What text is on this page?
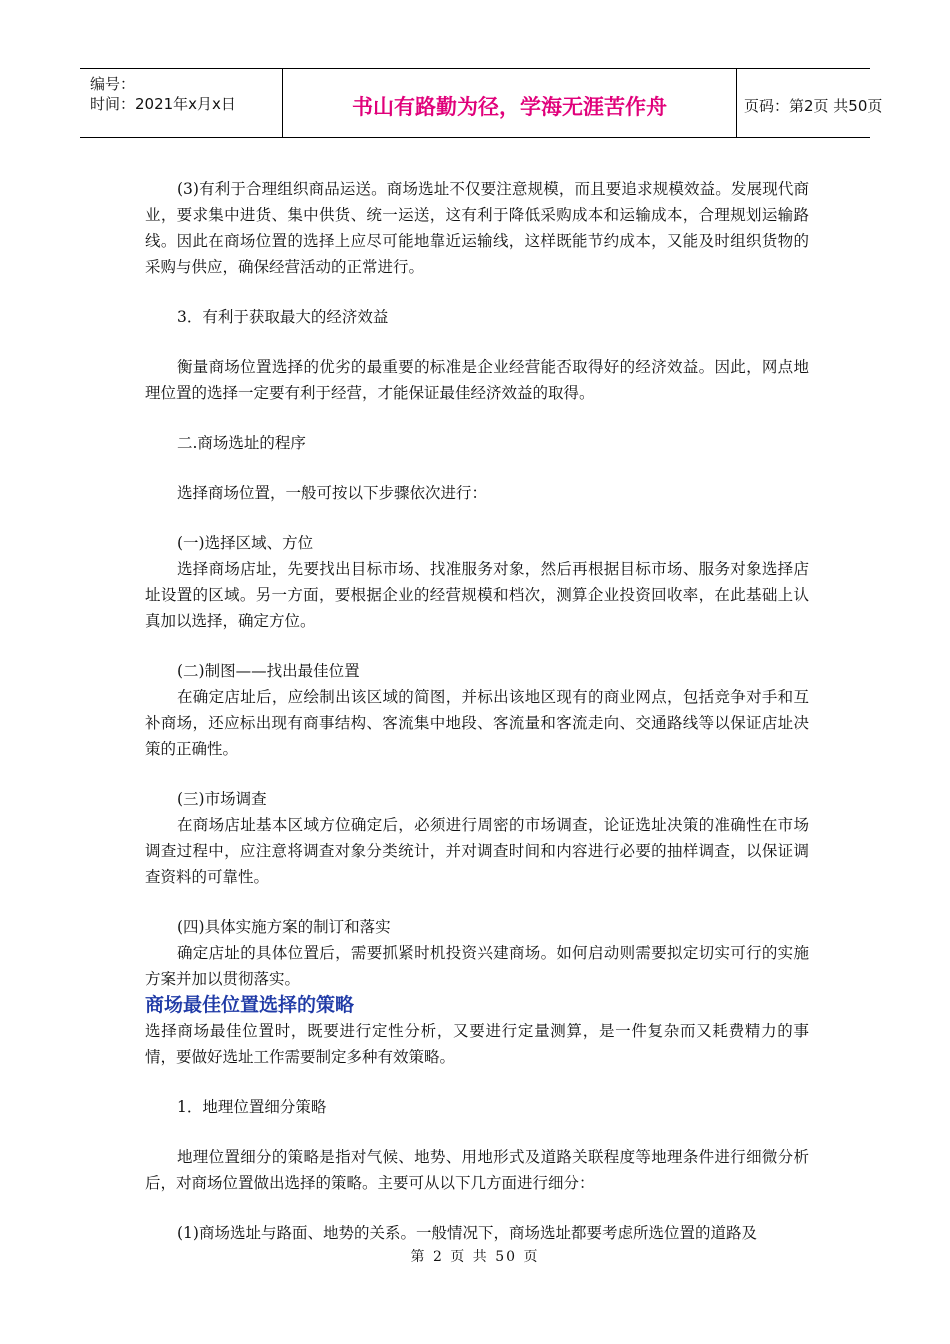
编号：
时间：2021年x月x日	书山有路勤为径，学海无涯苦作舟	页码：第2页 共50页

(3)有利于合理组织商品运送。商场选址不仅要注意规模，而且要追求规模效益。发展现代商业，要求集中进货、集中供货、统一运送，这有利于降低采购成本和运输成本，合理规划运输路线。因此在商场位置的选择上应尽可能地靠近运输线，这样既能节约成本，又能及时组织货物的采购与供应，确保经营活动的正常进行。

3．有利于获取最大的经济效益

衡量商场位置选择的优劣的最重要的标准是企业经营能否取得好的经济效益。因此，网点地理位置的选择一定要有利于经营，才能保证最佳经济效益的取得。

二.商场选址的程序

选择商场位置，一般可按以下步骤依次进行：

(一)选择区域、方位

选择商场店址，先要找出目标市场、找准服务对象，然后再根据目标市场、服务对象选择店址设置的区域。另一方面，要根据企业的经营规模和档次，测算企业投资回收率，在此基础上认真加以选择，确定方位。

(二)制图——找出最佳位置

在确定店址后，应绘制出该区域的简图，并标出该地区现有的商业网点，包括竞争对手和互补商场，还应标出现有商事结构、客流集中地段、客流量和客流走向、交通路线等以保证店址决策的正确性。

(三)市场调查

在商场店址基本区域方位确定后，必须进行周密的市场调查，论证选址决策的准确性在市场调查过程中，应注意将调查对象分类统计，并对调查时间和内容进行必要的抽样调查，以保证调查资料的可靠性。

(四)具体实施方案的制订和落实

确定店址的具体位置后，需要抓紧时机投资兴建商场。如何启动则需要拟定切实可行的实施方案并加以贯彻落实。

商场最佳位置选择的策略

选择商场最佳位置时，既要进行定性分析，又要进行定量测算，是一件复杂而又耗费精力的事情，要做好选址工作需要制定多种有效策略。

1．地理位置细分策略

地理位置细分的策略是指对气候、地势、用地形式及道路关联程度等地理条件进行细微分析后，对商场位置做出选择的策略。主要可从以下几方面进行细分：

(1)商场选址与路面、地势的关系。一般情况下，商场选址都要考虑所选位置的道路及

第 2 页 共 50 页
